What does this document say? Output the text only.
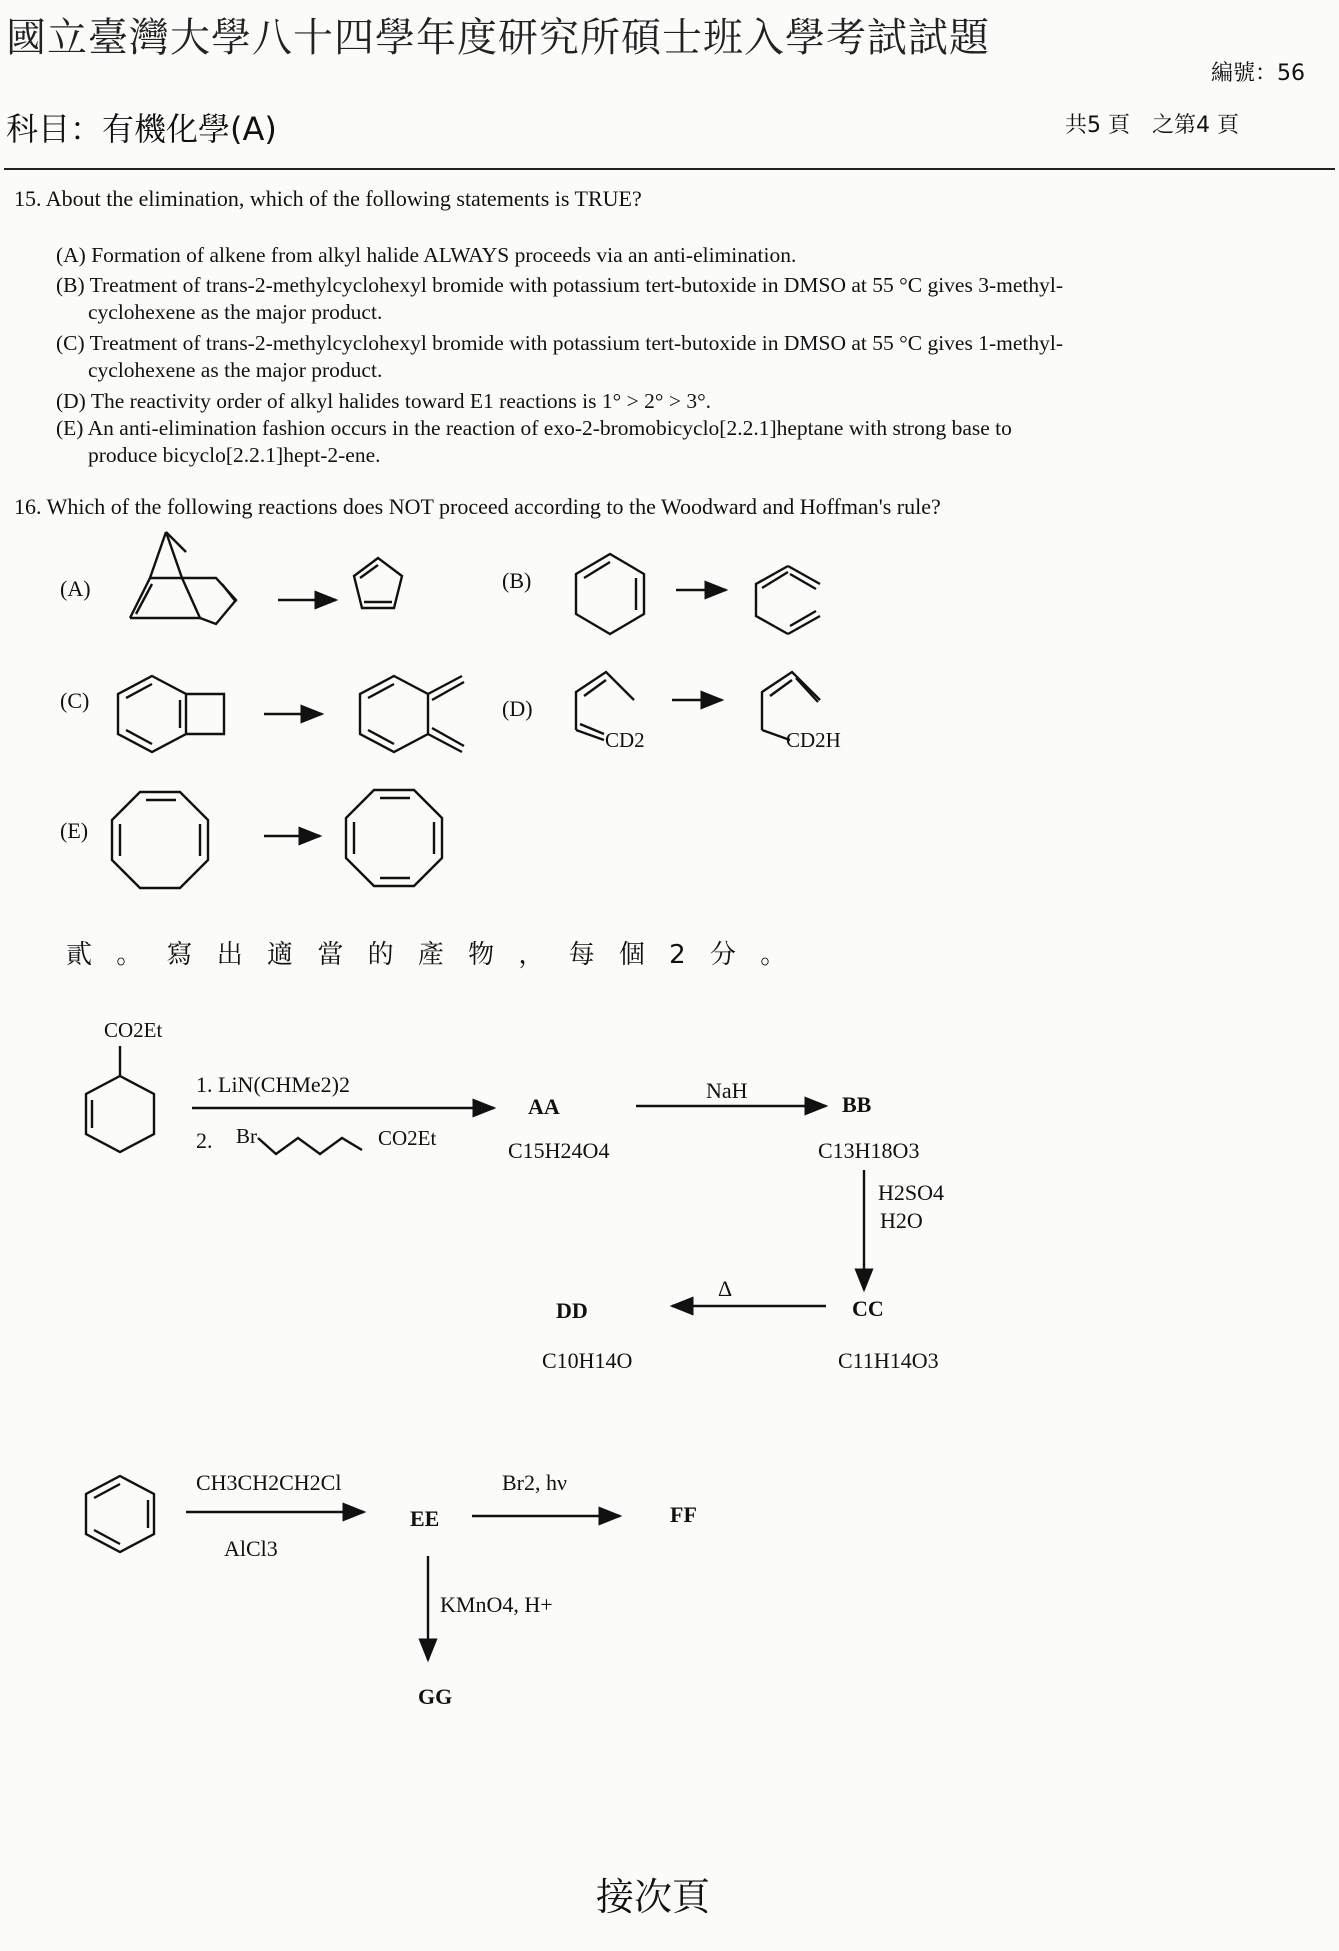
國立臺灣大學八十四學年度研究所碩士班入學考試試題
編號：56
科目：有機化學(A)	共5 頁　之第4 頁
15. About the elimination, which of the following statements is TRUE?
(A) Formation of alkene from alkyl halide ALWAYS proceeds via an anti-elimination.
(B) Treatment of trans-2-methylcyclohexyl bromide with potassium tert-butoxide in DMSO at 55 °C gives 3-methyl-
cyclohexene as the major product.
(C) Treatment of trans-2-methylcyclohexyl bromide with potassium tert-butoxide in DMSO at 55 °C gives 1-methyl-
cyclohexene as the major product.
(D) The reactivity order of alkyl halides toward E1 reactions is 1° > 2° > 3°.
(E) An anti-elimination fashion occurs in the reaction of exo-2-bromobicyclo[2.2.1]heptane with strong base to
produce bicyclo[2.2.1]hept-2-ene.
16. Which of the following reactions does NOT proceed according to the Woodward and Hoffman's rule?
(A)	(B)
(C)	(D)
(E)
CD2	CD2H
貳 。 寫 出 適 當 的 產 物 ， 每 個 2 分 。
CO2Et
1. LiN(CHMe2)2
2. Br	CO2Et
AA
C15H24O4
NaH
BB
C13H18O3
H2SO4
H2O
CC
C11H14O3
Δ
DD
C10H14O
CH3CH2CH2Cl
AlCl3
EE
Br2, hν
FF
KMnO4, H+
GG
接次頁
